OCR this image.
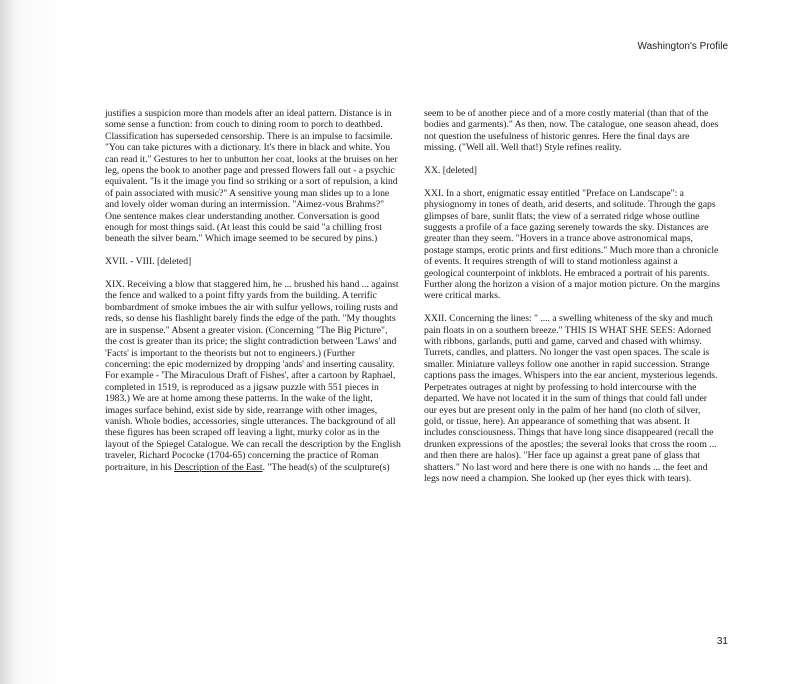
Washington's Profile

justifies a suspicion more than models after an ideal pattern. Distance is in some sense a function: from couch to dining room to porch to deathbed. Classification has superseded censorship. There is an impulse to facsimile. "You can take pictures with a dictionary. It's there in black and white. You can read it." Gestures to her to unbutton her coat, looks at the bruises on her leg, opens the book to another page and pressed flowers fall out - a psychic equivalent. "Is it the image you find so striking or a sort of repulsion, a kind of pain associated with music?" A sensitive young man slides up to a lone and lovely older woman during an intermission. "Aimez-vous Brahms?" One sentence makes clear understanding another. Conversation is good enough for most things said. (At least this could be said "a chilling frost beneath the silver beam." Which image seemed to be secured by pins.)

XVII. - VIII. [deleted]

XIX. Receiving a blow that staggered him, he ... brushed his hand ... against the fence and walked to a point fifty yards from the building. A terrific bombardment of smoke imbues the air with sulfur yellows, roiling rusts and reds, so dense his flashlight barely finds the edge of the path. "My thoughts are in suspense." Absent a greater vision. (Concerning "The Big Picture", the cost is greater than its price; the slight contradiction between 'Laws' and 'Facts' is important to the theorists but not to engineers.) (Further concerning: the epic modernized by dropping 'ands' and inserting causality. For example - 'The Miraculous Draft of Fishes', after a cartoon by Raphael, completed in 1519, is reproduced as a jigsaw puzzle with 551 pieces in 1983.) We are at home among these patterns. In the wake of the light, images surface behind, exist side by side, rearrange with other images, vanish. Whole bodies, accessories, single utterances. The background of all these figures has been scraped off leaving a light, murky color as in the layout of the Spiegel Catalogue. We can recall the description by the English traveler, Richard Pococke (1704-65) concerning the practice of Roman portraiture, in his Description of the East. "The head(s) of the sculpture(s)

seem to be of another piece and of a more costly material (than that of the bodies and garments)." As then, now. The catalogue, one season ahead, does not question the usefulness of historic genres. Here the final days are missing. ("Well all. Well that!) Style refines reality.

XX. [deleted]

XXI. In a short, enigmatic essay entitled "Preface on Landscape": a physiognomy in tones of death, arid deserts, and solitude. Through the gaps glimpses of bare, sunlit flats; the view of a serrated ridge whose outline suggests a profile of a face gazing serenely towards the sky. Distances are greater than they seem. "Hovers in a trance above astronomical maps, postage stamps, erotic prints and first editions." Much more than a chronicle of events. It requires strength of will to stand motionless against a geological counterpoint of inkblots. He embraced a portrait of his parents. Further along the horizon a vision of a major motion picture. On the margins were critical marks.

XXII. Concerning the lines: " .... a swelling whiteness of the sky and much pain floats in on a southern breeze." THIS IS WHAT SHE SEES: Adorned with ribbons, garlands, putti and game, carved and chased with whimsy. Turrets, candles, and platters. No longer the vast open spaces. The scale is smaller. Miniature valleys follow one another in rapid succession. Strange captions pass the images. Whispers into the ear ancient, mysterious legends. Perpetrates outrages at night by professing to hold intercourse with the departed. We have not located it in the sum of things that could fall under our eyes but are present only in the palm of her hand (no cloth of silver, gold, or tissue, here). An appearance of something that was absent. It includes consciousness. Things that have long since disappeared (recall the drunken expressions of the apostles; the several looks that cross the room ... and then there are halos). "Her face up against a great pane of glass that shatters." No last word and here there is one with no hands ... the feet and legs now need a champion. She looked up (her eyes thick with tears).

31
